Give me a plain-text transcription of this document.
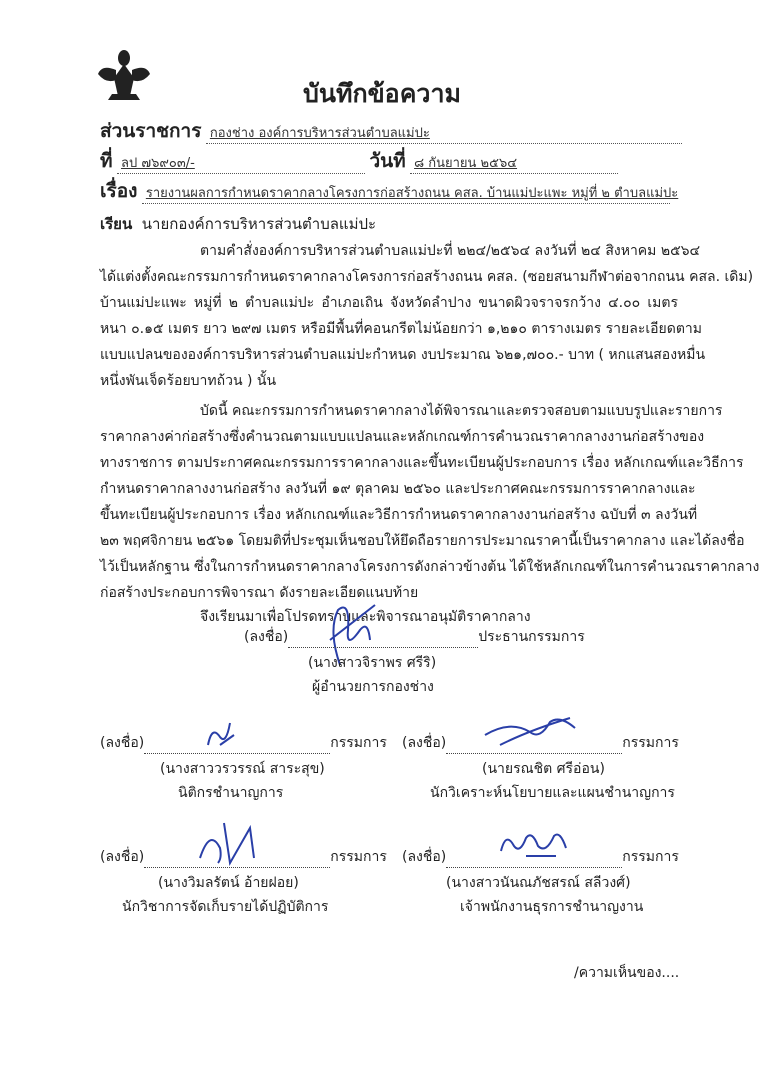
บันทึกข้อความ
ส่วนราชการ กองช่าง องค์การบริหารส่วนตำบลแม่ปะ
ที่ ลป ๗๖๙๐๓/-	วันที่ ๘ กันยายน ๒๕๖๔
เรื่อง รายงานผลการกำหนดราคากลางโครงการก่อสร้างถนน คสล. บ้านแม่ปะแพะ หมู่ที่ ๒ ตำบลแม่ปะ
เรียน นายกองค์การบริหารส่วนตำบลแม่ปะ
ตามคำสั่งองค์การบริหารส่วนตำบลแม่ปะที่ ๒๒๔/๒๕๖๔ ลงวันที่ ๒๔ สิงหาคม ๒๕๖๔
ได้แต่งตั้งคณะกรรมการกำหนดราคากลางโครงการก่อสร้างถนน คสล. (ซอยสนามกีฬาต่อจากถนน คสล. เดิม)
บ้านแม่ปะแพะ หมู่ที่ ๒ ตำบลแม่ปะ อำเภอเถิน จังหวัดลำปาง ขนาดผิวจราจรกว้าง ๔.๐๐ เมตร
หนา ๐.๑๕ เมตร ยาว ๒๙๗ เมตร หรือมีพื้นที่คอนกรีตไม่น้อยกว่า ๑,๒๑๐ ตารางเมตร รายละเอียดตาม
แบบแปลนขององค์การบริหารส่วนตำบลแม่ปะกำหนด งบประมาณ ๖๒๑,๗๐๐.- บาท ( หกแสนสองหมื่น
หนึ่งพันเจ็ดร้อยบาทถ้วน ) นั้น
บัดนี้ คณะกรรมการกำหนดราคากลางได้พิจารณาและตรวจสอบตามแบบรูปและรายการ
ราคากลางค่าก่อสร้างซึ่งคำนวณตามแบบแปลนและหลักเกณฑ์การคำนวณราคากลางงานก่อสร้างของ
ทางราชการ ตามประกาศคณะกรรมการราคากลางและขึ้นทะเบียนผู้ประกอบการ เรื่อง หลักเกณฑ์และวิธีการ
กำหนดราคากลางงานก่อสร้าง ลงวันที่ ๑๙ ตุลาคม ๒๕๖๐ และประกาศคณะกรรมการราคากลางและ
ขึ้นทะเบียนผู้ประกอบการ เรื่อง หลักเกณฑ์และวิธีการกำหนดราคากลางงานก่อสร้าง ฉบับที่ ๓ ลงวันที่
๒๓ พฤศจิกายน ๒๕๖๑ โดยมติที่ประชุมเห็นชอบให้ยึดถือรายการประมาณราคานี้เป็นราคากลาง และได้ลงชื่อ
ไว้เป็นหลักฐาน ซึ่งในการกำหนดราคากลางโครงการดังกล่าวข้างต้น ได้ใช้หลักเกณฑ์ในการคำนวณราคากลาง
ก่อสร้างประกอบการพิจารณา ดังรายละเอียดแนบท้าย
จึงเรียนมาเพื่อโปรดทราบและพิจารณาอนุมัติราคากลาง
(ลงชื่อ)	ประธานกรรมการ
(นางสาวจิราพร ศรีริ)
ผู้อำนวยการกองช่าง
(ลงชื่อ)	กรรมการ
(นางสาววรวรรณ์ สาระสุข)
นิติกรชำนาญการ
(ลงชื่อ)	กรรมการ
(นายรณชิต ศรีอ่อน)
นักวิเคราะห์นโยบายและแผนชำนาญการ
(ลงชื่อ)	กรรมการ
(นางวิมลรัตน์ อ้ายฝอย)
นักวิชาการจัดเก็บรายได้ปฏิบัติการ
(ลงชื่อ)	กรรมการ
(นางสาวนันณภัชสรณ์ สลีวงศ์)
เจ้าพนักงานธุรการชำนาญงาน
/ความเห็นของ....
